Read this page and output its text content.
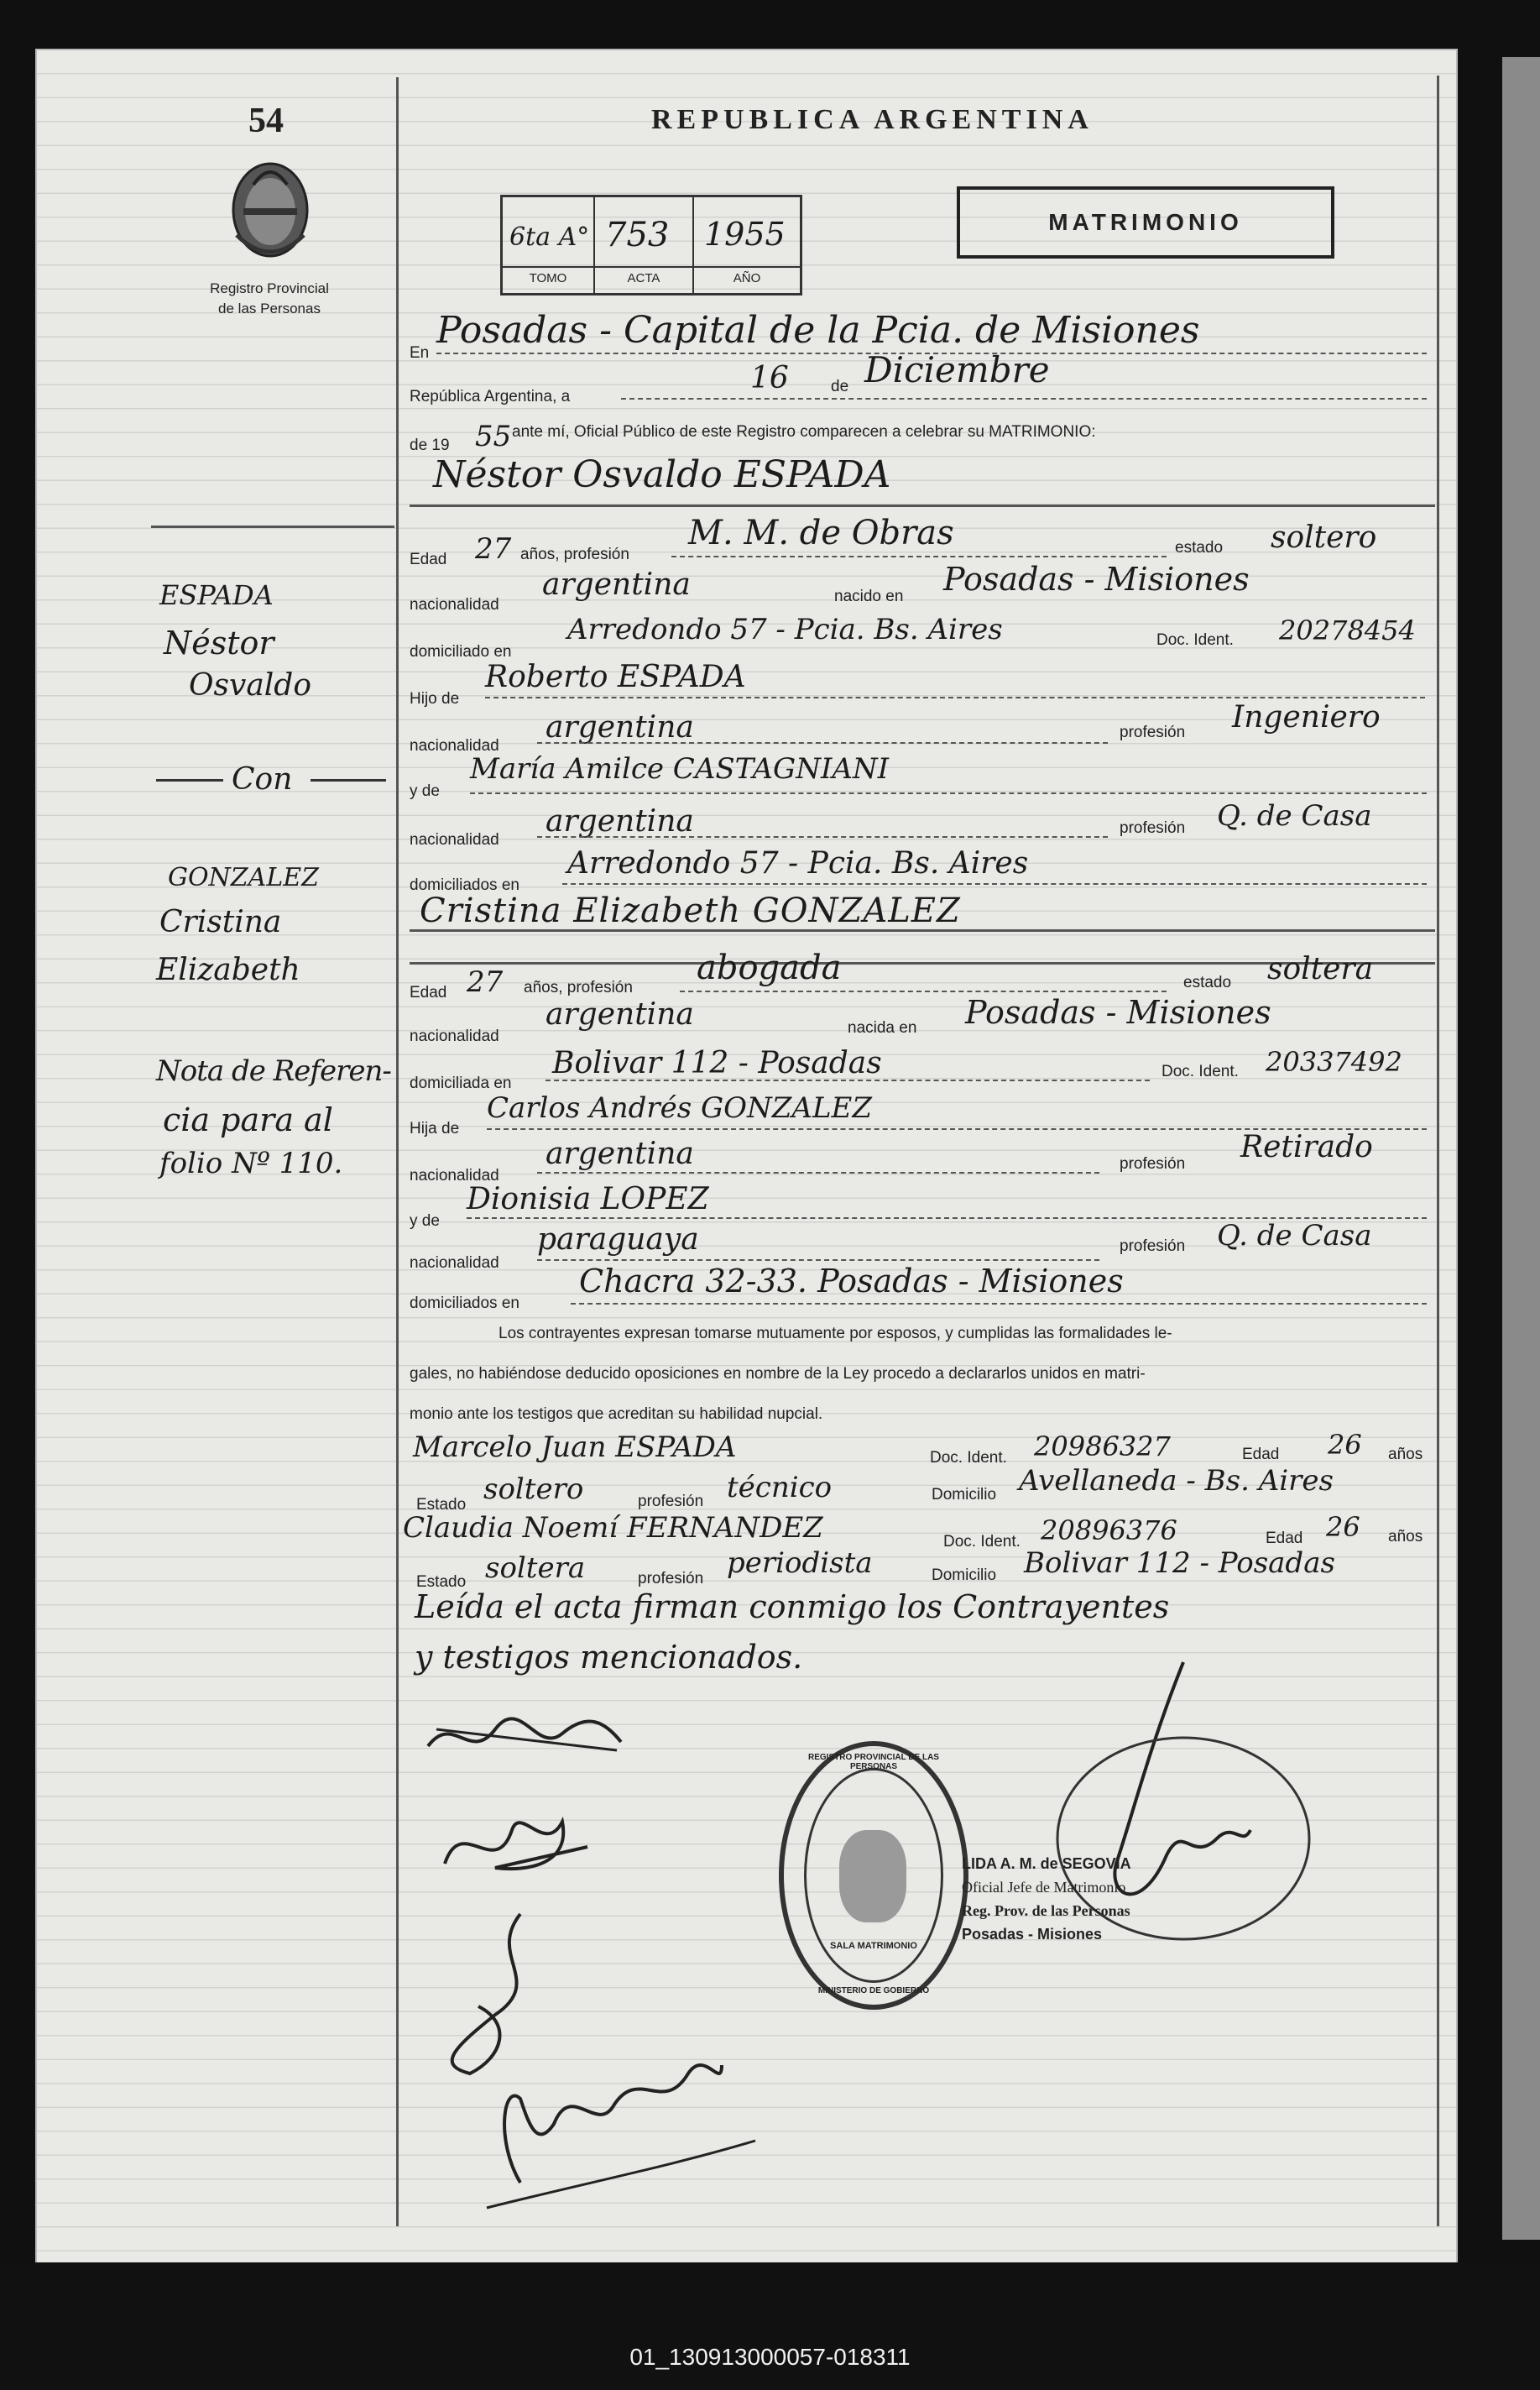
54
Registro Provincial
de las Personas
REPUBLICA ARGENTINA
6ta A° 753 1955
TOMO	ACTA	AÑO
MATRIMONIO
ESPADA
Néstor
Osvaldo
Con
GONZALEZ
Cristina
Elizabeth
Nota de Referen-
cia para al
folio Nº 110.
En
Posadas - Capital de la Pcia. de Misiones
República Argentina, a
16	de Diciembre
de 19 55 ante mí, Oficial Público de este Registro comparecen a celebrar su MATRIMONIO:
Néstor Osvaldo ESPADA
Edad 27 años, profesión
M. M. de Obras	estado soltero
nacionalidad
argentina	nacido en Posadas - Misiones
domiciliado en
Arredondo 57 - Pcia. Bs. Aires	Doc. Ident. 20278454
Hijo de
Roberto ESPADA
nacionalidad
argentina	profesión Ingeniero
y de
María Amilce CASTAGNIANI
nacionalidad
argentina	profesión Q. de Casa
domiciliados en
Arredondo 57 - Pcia. Bs. Aires
Cristina Elizabeth GONZALEZ
Edad 27 años, profesión
abogada	estado soltera
nacionalidad
argentina	nacida en Posadas - Misiones
domiciliada en
Bolivar 112 - Posadas	Doc. Ident. 20337492
Hija de
Carlos Andrés GONZALEZ
nacionalidad
argentina	profesión Retirado
y de
Dionisia LOPEZ
nacionalidad
paraguaya	profesión Q. de Casa
domiciliados en
Chacra 32-33. Posadas - Misiones
Los contrayentes expresan tomarse mutuamente por esposos, y cumplidas las formalidades le-
gales, no habiéndose deducido oposiciones en nombre de la Ley procedo a declararlos unidos en matri-
monio ante los testigos que acreditan su habilidad nupcial.
Marcelo Juan ESPADA	Doc. Ident. 20986327	Edad 26 años
Estado soltero	profesión técnico	Domicilio Avellaneda - Bs. Aires
Claudia Noemí FERNANDEZ	Doc. Ident. 20896376	Edad 26 años
Estado soltera	profesión periodista	Domicilio Bolivar 112 - Posadas
Leída el acta firman conmigo los Contrayentes
y testigos mencionados.
REGISTRO PROVINCIAL DE LAS PERSONAS
SALA MATRIMONIO
MINISTERIO DE GOBIERNO
LIDA A. M. de SEGOVIA
Oficial Jefe de Matrimonio
Reg. Prov. de las Personas
Posadas - Misiones
01_130913000057-018311
